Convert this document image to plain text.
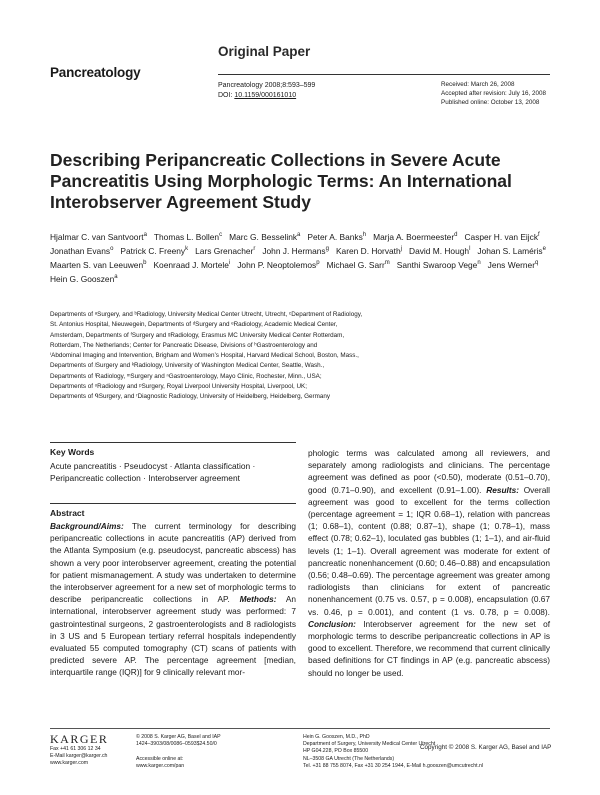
Original Paper
Pancreatology
Pancreatology 2008;8:593–599
DOI: 10.1159/000161010
Received: March 26, 2008
Accepted after revision: July 16, 2008
Published online: October 13, 2008
Describing Peripancreatic Collections in Severe Acute Pancreatitis Using Morphologic Terms: An International Interobserver Agreement Study
Hjalmar C. van Santvoort$^a$ Thomas L. Bollen$^c$ Marc G. Besselink$^a$ Peter A. Banks$^h$ Marja A. Boermeester$^d$ Casper H. van Eijck$^f$Jonathan Evans$^o$ Patrick C. Freeny$^k$ Lars Grenacher$^r$ John J. Hermans$^g$ Karen D. Horvath$^j$ David M. Hough$^l$ Johan S. Laméris$^e$Maarten S. van Leeuwen$^b$ Koenraad J. Mortele$^i$ John P. Neoptolemos$^p$ Michael G. Sarr$^m$ Santhi Swaroop Vege$^n$ Jens Werner$^q$Hein G. Gooszen$^a$
Departments of ᵃSurgery, and ᵇRadiology, University Medical Center Utrecht, Utrecht, ᶜDepartment of Radiology,
St. Antonius Hospital, Nieuwegein, Departments of ᵈSurgery and ᵉRadiology, Academic Medical Center,
Amsterdam, Departments of ᶠSurgery and ᵍRadiology, Erasmus MC University Medical Center Rotterdam,
Rotterdam, The Netherlands; Center for Pancreatic Disease, Divisions of ʰGastroenterology and
ⁱAbdominal Imaging and Intervention, Brigham and Women’s Hospital, Harvard Medical School, Boston, Mass.,
Departments of ʲSurgery and ᵏRadiology, University of Washington Medical Center, Seattle, Wash.,
Departments of ˡRadiology, ᵐSurgery and ⁿGastroenterology, Mayo Clinic, Rochester, Minn., USA;
Departments of ᵒRadiology and ᵖSurgery, Royal Liverpool University Hospital, Liverpool, UK;
Departments of ᑫSurgery, and ʳDiagnostic Radiology, University of Heidelberg, Heidelberg, Germany
Key Words
Acute pancreatitis · Pseudocyst · Atlanta classification · Peripancreatic collection · Interobserver agreement
Abstract
Background/Aims: The current terminology for describing peripancreatic collections in acute pancreatitis (AP) derived from the Atlanta Symposium (e.g. pseudocyst, pancreatic abscess) has shown a very poor interobserver agreement, creating the potential for patient mismanagement. A study was undertaken to determine the interobserver agreement for a new set of morphologic terms to describe peripancreatic collections in AP. Methods: An international, interobserver agreement study was performed: 7 gastrointestinal surgeons, 2 gastroenterologists and 8 radiologists in 3 US and 5 European tertiary referral hospitals independently evaluated 55 computed tomography (CT) scans of patients with predicted severe AP. The percentage agreement [median, interquartile range (IQR)] for 9 clinically relevant mor-
phologic terms was calculated among all reviewers, and separately among radiologists and clinicians. The percentage agreement was defined as poor (<0.50), moderate (0.51–0.70), good (0.71–0.90), and excellent (0.91–1.00). Results: Overall agreement was good to excellent for the terms collection (percentage agreement = 1; IQR 0.68–1), relation with pancreas (1; 0.68–1), content (0.88; 0.87–1), shape (1; 0.78–1), mass effect (0.78; 0.62–1), loculated gas bubbles (1; 1–1), and air-fluid levels (1; 1–1). Overall agreement was moderate for extent of pancreatic nonenhancement (0.60; 0.46–0.88) and encapsulation (0.56; 0.48–0.69). The percentage agreement was greater among radiologists than clinicians for extent of pancreatic nonenhancement (0.75 vs. 0.57, p = 0.008), encapsulation (0.67 vs. 0.46, p = 0.001), and content (1 vs. 0.78, p = 0.008). Conclusion: Interobserver agreement for the new set of morphologic terms to describe peripancreatic collections in AP is good to excellent. Therefore, we recommend that current clinically based definitions for CT findings in AP (e.g. pancreatic abscess) should no longer be used.
Copyright © 2008 S. Karger AG, Basel and IAP
KARGER
Fax +41 61 306 12 34
E-Mail karger@karger.ch
www.karger.com
© 2008 S. Karger AG, Basel and IAP
1424–3903/08/0086–0593$24.50/0
Accessible online at:
www.karger.com/pan
Hein G. Gooszen, M.D., PhD
Department of Surgery, University Medical Center Utrecht
HP G04.228, PO Box 85500
NL–3508 GA Utrecht (The Netherlands)
Tel. +31 88 755 8074, Fax +31 30 254 1944, E-Mail h.gooszen@umcutrecht.nl
